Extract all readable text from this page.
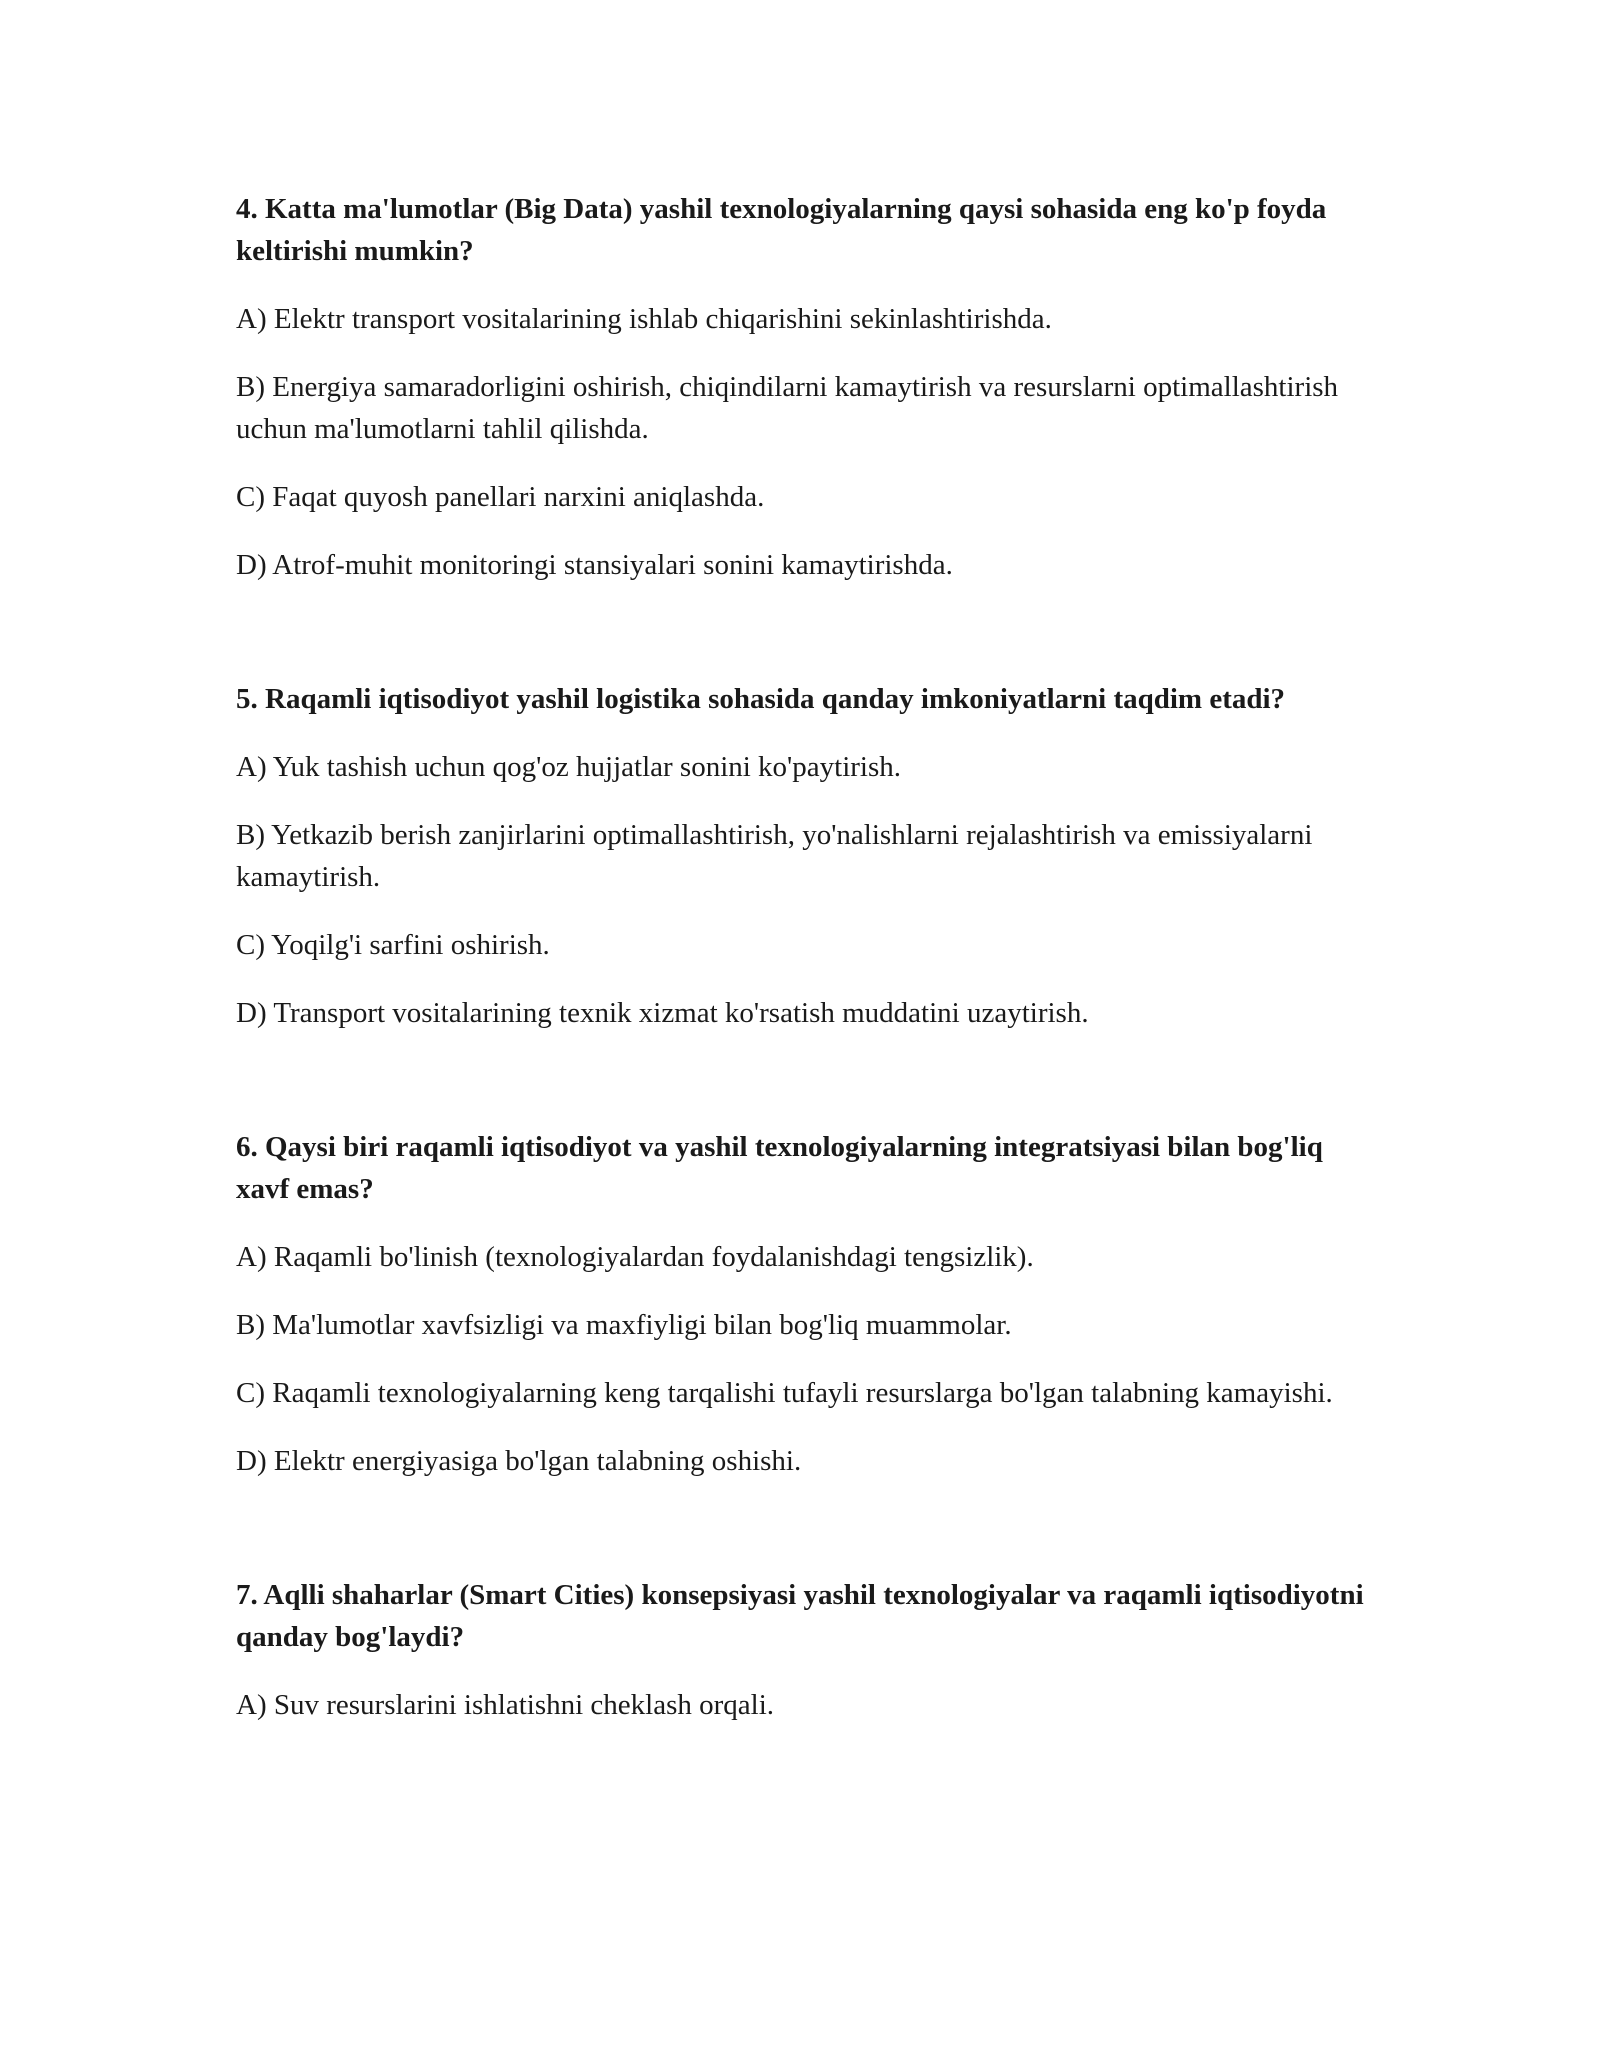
4. Katta ma'lumotlar (Big Data) yashil texnologiyalarning qaysi sohasida eng ko'p foyda keltirishi mumkin?

A) Elektr transport vositalarining ishlab chiqarishini sekinlashtirishda.

B) Energiya samaradorligini oshirish, chiqindilarni kamaytirish va resurslarni optimallashtirish uchun ma'lumotlarni tahlil qilishda.

C) Faqat quyosh panellari narxini aniqlashda.

D) Atrof-muhit monitoringi stansiyalari sonini kamaytirishda.

5. Raqamli iqtisodiyot yashil logistika sohasida qanday imkoniyatlarni taqdim etadi?

A) Yuk tashish uchun qog'oz hujjatlar sonini ko'paytirish.

B) Yetkazib berish zanjirlarini optimallashtirish, yo'nalishlarni rejalashtirish va emissiyalarni kamaytirish.

C) Yoqilg'i sarfini oshirish.

D) Transport vositalarining texnik xizmat ko'rsatish muddatini uzaytirish.

6. Qaysi biri raqamli iqtisodiyot va yashil texnologiyalarning integratsiyasi bilan bog'liq xavf emas?

A) Raqamli bo'linish (texnologiyalardan foydalanishdagi tengsizlik).

B) Ma'lumotlar xavfsizligi va maxfiyligi bilan bog'liq muammolar.

C) Raqamli texnologiyalarning keng tarqalishi tufayli resurslarga bo'lgan talabning kamayishi.

D) Elektr energiyasiga bo'lgan talabning oshishi.

7. Aqlli shaharlar (Smart Cities) konsepsiyasi yashil texnologiyalar va raqamli iqtisodiyotni qanday bog'laydi?

A) Suv resurslarini ishlatishni cheklash orqali.
